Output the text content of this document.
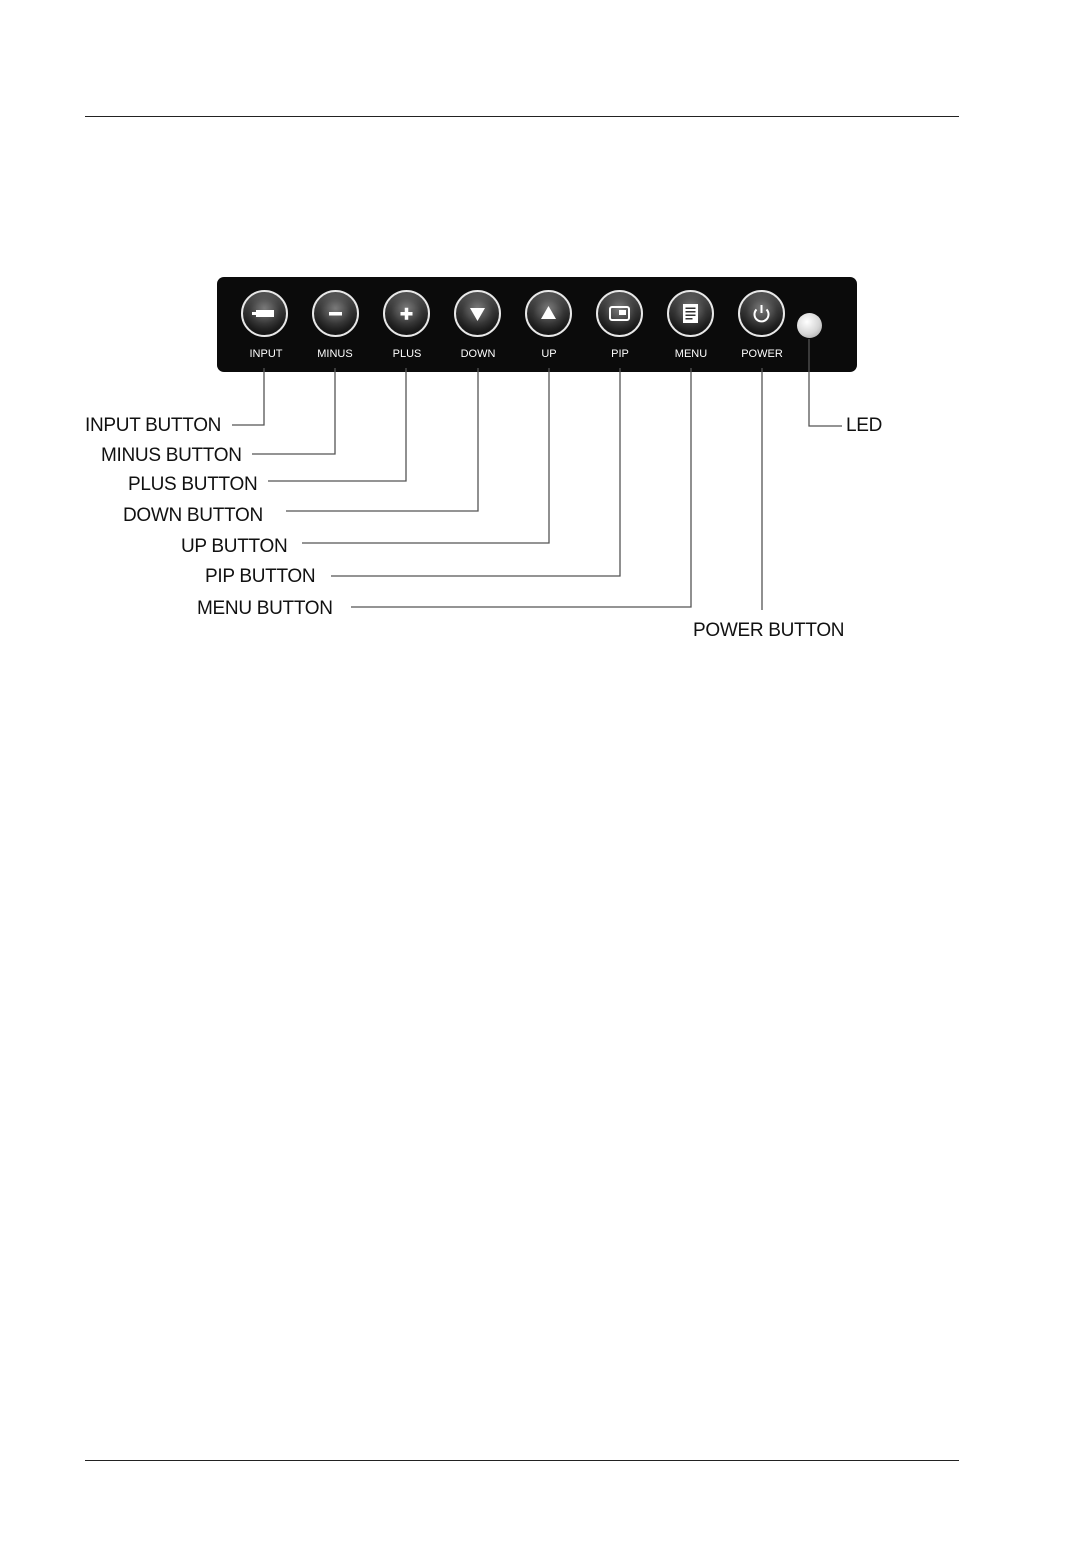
INPUT	MINUS	PLUS	DOWN	UP	PIP	MENU	POWER
INPUT BUTTON
MINUS BUTTON
PLUS BUTTON
DOWN BUTTON
UP BUTTON
PIP BUTTON
MENU BUTTON
POWER BUTTON
LED
